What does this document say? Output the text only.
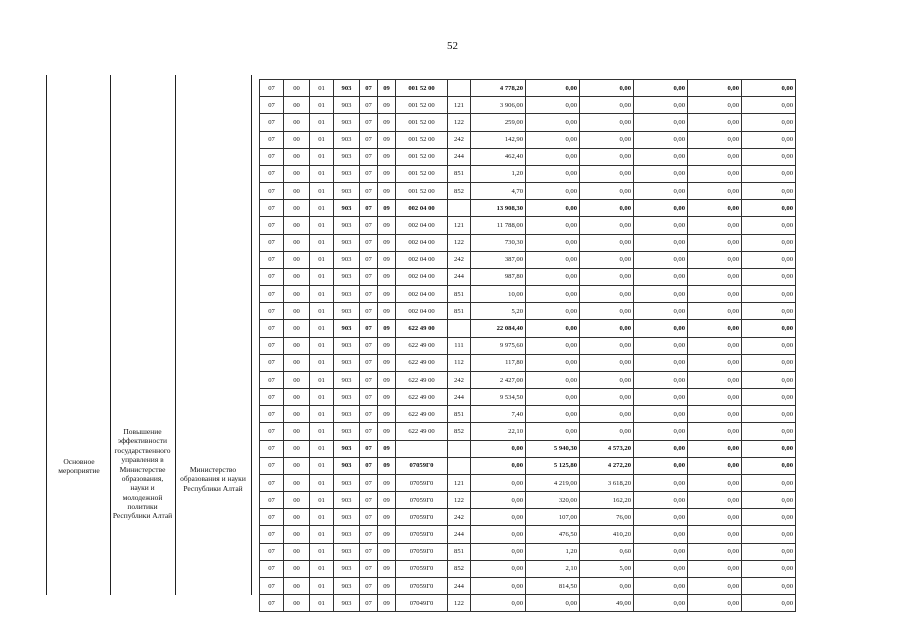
52
Основное мероприятие
Повышение эффективности государственного управления в Министерстве образования, науки и молодежной политики Республики Алтай
Министерство образования и науки Республики Алтай
07	00	01	903	07	09	001 52 00		4 778,20	0,00	0,00	0,00	0,00	0,00
07	00	01	903	07	09	001 52 00	121	3 906,00	0,00	0,00	0,00	0,00	0,00
07	00	01	903	07	09	001 52 00	122	259,00	0,00	0,00	0,00	0,00	0,00
07	00	01	903	07	09	001 52 00	242	142,90	0,00	0,00	0,00	0,00	0,00
07	00	01	903	07	09	001 52 00	244	462,40	0,00	0,00	0,00	0,00	0,00
07	00	01	903	07	09	001 52 00	851	1,20	0,00	0,00	0,00	0,00	0,00
07	00	01	903	07	09	001 52 00	852	4,70	0,00	0,00	0,00	0,00	0,00
07	00	01	903	07	09	002 04 00		13 908,30	0,00	0,00	0,00	0,00	0,00
07	00	01	903	07	09	002 04 00	121	11 788,00	0,00	0,00	0,00	0,00	0,00
07	00	01	903	07	09	002 04 00	122	730,30	0,00	0,00	0,00	0,00	0,00
07	00	01	903	07	09	002 04 00	242	387,00	0,00	0,00	0,00	0,00	0,00
07	00	01	903	07	09	002 04 00	244	987,80	0,00	0,00	0,00	0,00	0,00
07	00	01	903	07	09	002 04 00	851	10,00	0,00	0,00	0,00	0,00	0,00
07	00	01	903	07	09	002 04 00	851	5,20	0,00	0,00	0,00	0,00	0,00
07	00	01	903	07	09	622 49 00		22 084,40	0,00	0,00	0,00	0,00	0,00
07	00	01	903	07	09	622 49 00	111	9 975,60	0,00	0,00	0,00	0,00	0,00
07	00	01	903	07	09	622 49 00	112	117,80	0,00	0,00	0,00	0,00	0,00
07	00	01	903	07	09	622 49 00	242	2 427,00	0,00	0,00	0,00	0,00	0,00
07	00	01	903	07	09	622 49 00	244	9 534,50	0,00	0,00	0,00	0,00	0,00
07	00	01	903	07	09	622 49 00	851	7,40	0,00	0,00	0,00	0,00	0,00
07	00	01	903	07	09	622 49 00	852	22,10	0,00	0,00	0,00	0,00	0,00
07	00	01	903	07	09			0,00	5 940,30	4 573,20	0,00	0,00	0,00
07	00	01	903	07	09	07059Г0		0,00	5 125,80	4 272,20	0,00	0,00	0,00
07	00	01	903	07	09	07059Г0	121	0,00	4 219,00	3 618,20	0,00	0,00	0,00
07	00	01	903	07	09	07059Г0	122	0,00	320,00	162,20	0,00	0,00	0,00
07	00	01	903	07	09	07059Г0	242	0,00	107,00	76,00	0,00	0,00	0,00
07	00	01	903	07	09	07059Г0	244	0,00	476,50	410,20	0,00	0,00	0,00
07	00	01	903	07	09	07059Г0	851	0,00	1,20	0,60	0,00	0,00	0,00
07	00	01	903	07	09	07059Г0	852	0,00	2,10	5,00	0,00	0,00	0,00
07	00	01	903	07	09	07059Г0	244	0,00	814,50	0,00	0,00	0,00	0,00
07	00	01	903	07	09	07049Г0	122	0,00	0,00	49,00	0,00	0,00	0,00
